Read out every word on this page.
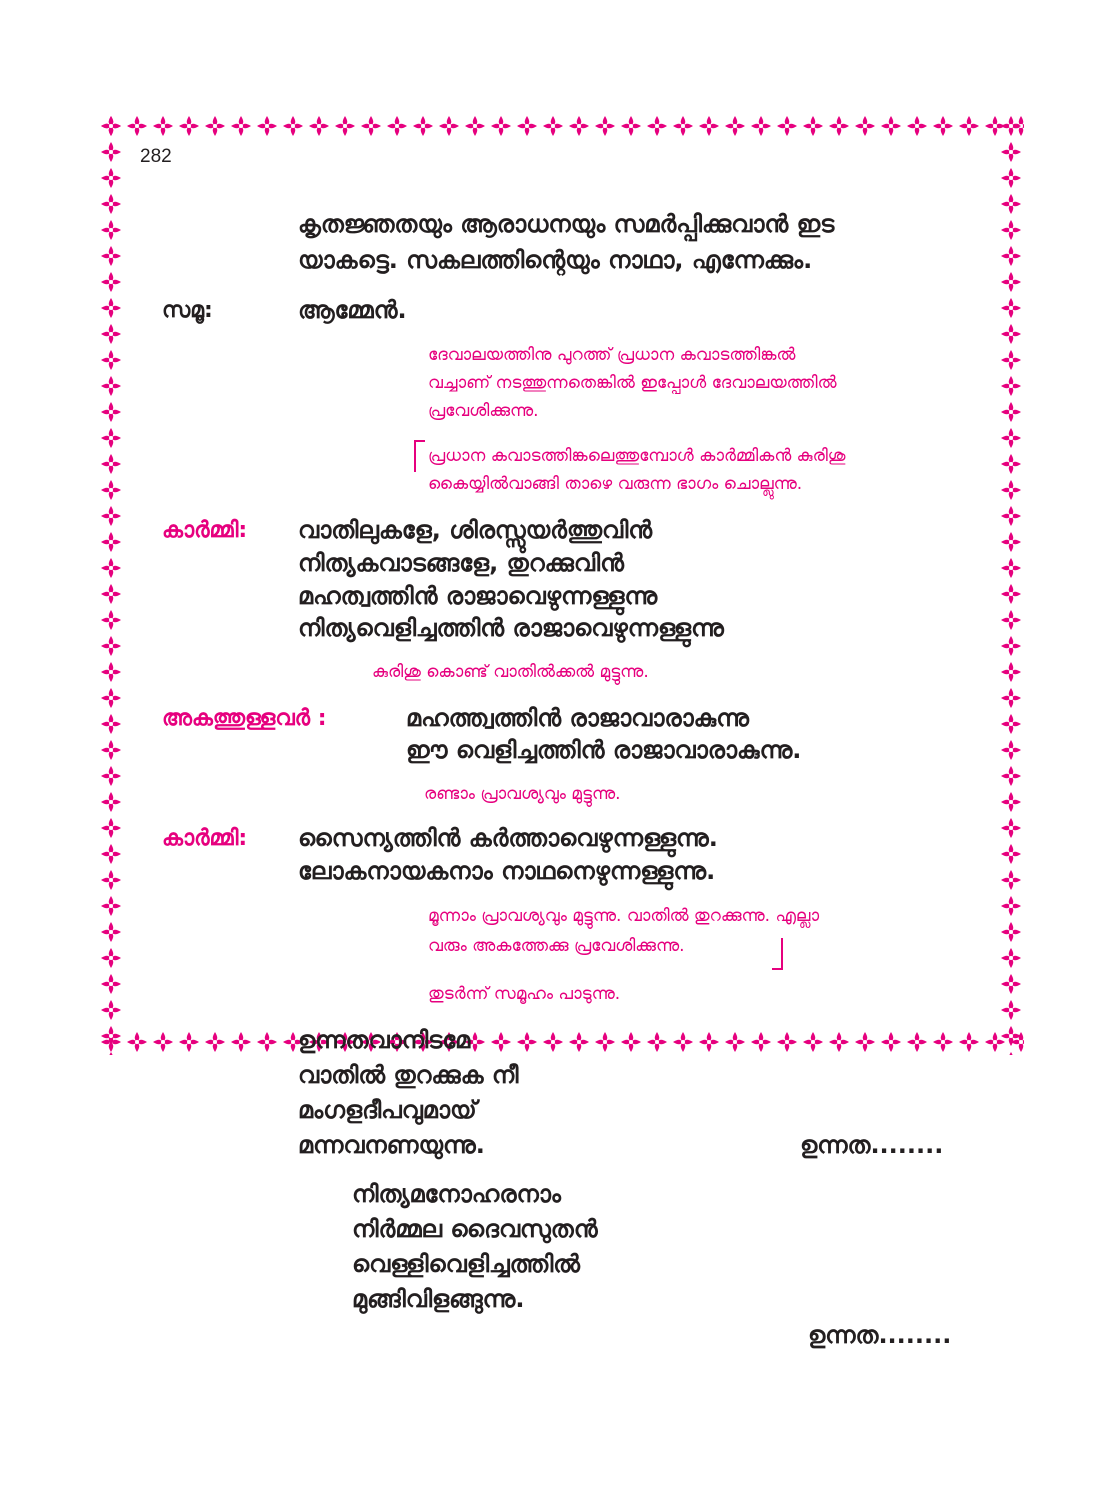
282
കൃതജ്ഞതയും ആരാധനയും സമർപ്പിക്കുവാൻ ഇട
യാകട്ടെ. സകലത്തിന്റെയും നാഥാ, എന്നേക്കും.
സമൂ:	ആമ്മേൻ.
ദേവാലയത്തിനു പുറത്ത് പ്രധാന കവാടത്തിങ്കൽ
വച്ചാണ് നടത്തുന്നതെങ്കിൽ ഇപ്പോൾ ദേവാലയത്തിൽ
പ്രവേശിക്കുന്നു.
പ്രധാന കവാടത്തിങ്കലെത്തുമ്പോൾ കാർമ്മികൻ കുരിശു
കൈയ്യിൽവാങ്ങി താഴെ വരുന്ന ഭാഗം ചൊല്ലുന്നു.
കാർമ്മി: വാതിലുകളേ, ശിരസ്സുയർത്തുവിൻ
നിത്യകവാടങ്ങളേ, തുറക്കുവിൻ
മഹത്വത്തിൻ രാജാവെഴുന്നള്ളുന്നു
നിത്യവെളിച്ചത്തിൻ രാജാവെഴുന്നള്ളുന്നു
കുരിശു കൊണ്ട് വാതിൽക്കൽ മുട്ടുന്നു.
അകത്തുള്ളവർ :	മഹത്ത്വത്തിൻ രാജാവാരാകുന്നു
ഈ വെളിച്ചത്തിൻ രാജാവാരാകുന്നു.
രണ്ടാം പ്രാവശ്യവും മുട്ടുന്നു.
കാർമ്മി: സൈന്യത്തിൻ കർത്താവെഴുന്നള്ളുന്നു.
ലോകനായകനാം നാഥനെഴുന്നള്ളുന്നു.
മൂന്നാം പ്രാവശ്യവും മുട്ടുന്നു. വാതിൽ തുറക്കുന്നു. എല്ലാ
വരും അകത്തേക്കു പ്രവേശിക്കുന്നു.
തുടർന്ന് സമൂഹം പാടുന്നു.
ഉന്നതവാനിടമേ
വാതിൽ തുറക്കുക നീ
മംഗളദീപവുമായ്
മന്നവനണയുന്നു.	ഉന്നത........
നിത്യമനോഹരനാം
നിർമ്മല ദൈവസുതൻ
വെള്ളിവെളിച്ചത്തിൽ
മുങ്ങിവിളങ്ങുന്നു.
ഉന്നത........
